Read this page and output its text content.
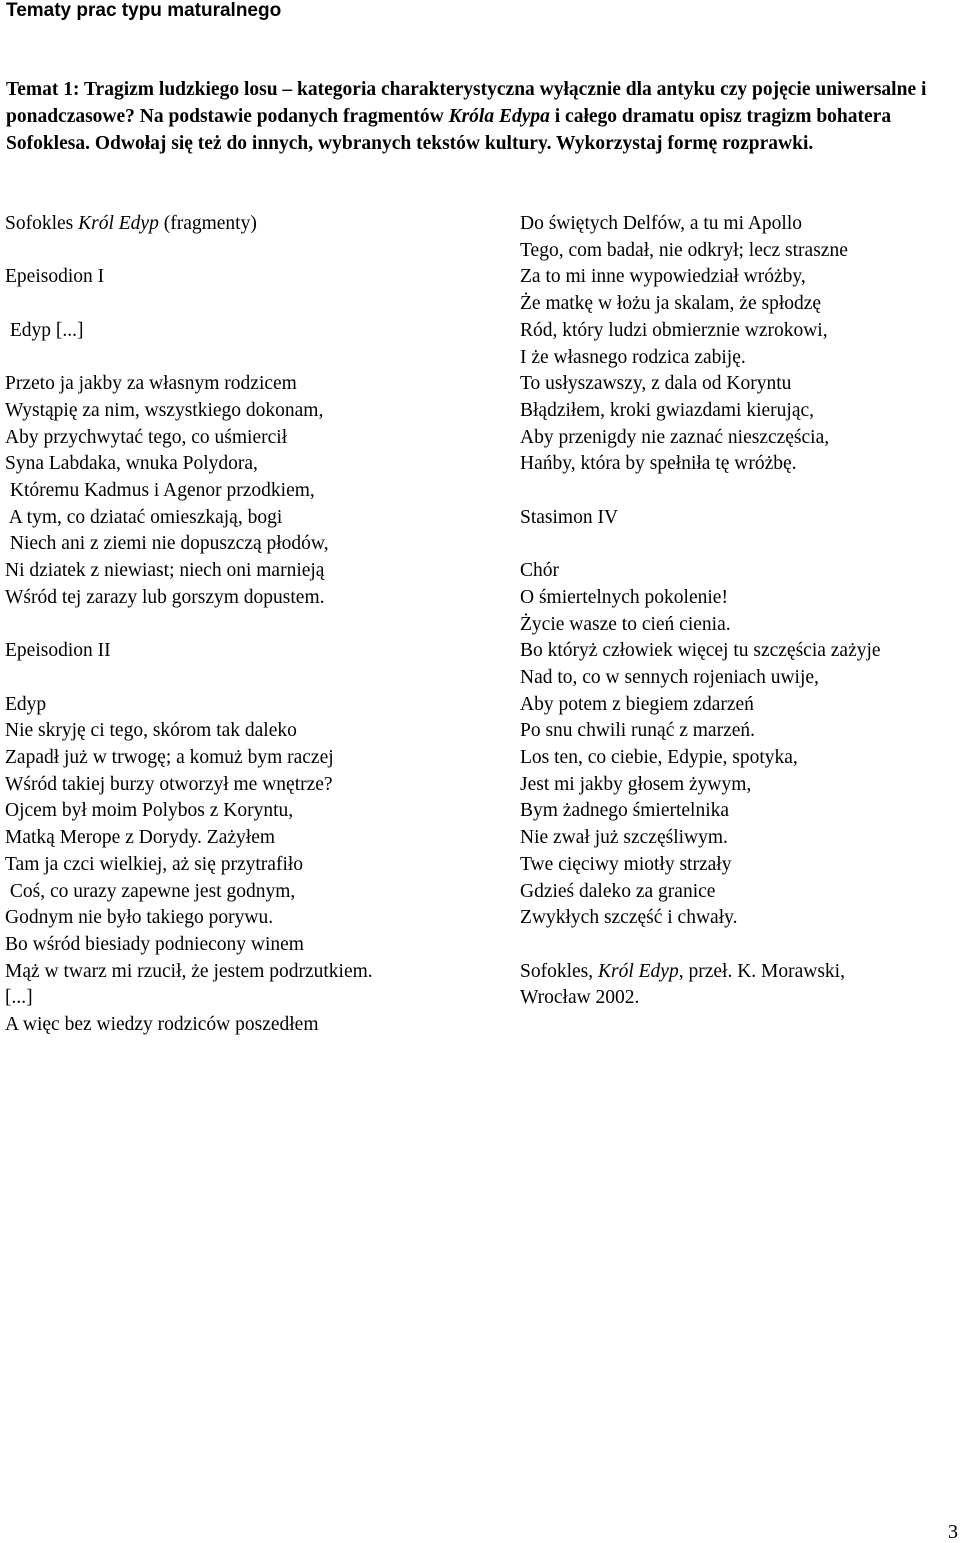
Tematy prac typu maturalnego

Temat 1: Tragizm ludzkiego losu – kategoria charakterystyczna wyłącznie dla antyku czy pojęcie uniwersalne i ponadczasowe? Na podstawie podanych fragmentów Króla Edypa i całego dramatu opisz tragizm bohatera Sofoklesa. Odwołaj się też do innych, wybranych tekstów kultury. Wykorzystaj formę rozprawki.

Sofokles Król Edyp (fragmenty)

Epeisodion I

Edyp [...]

Przeto ja jakby za własnym rodzicem

Wystąpię za nim, wszystkiego dokonam,

Aby przychwytać tego, co uśmiercił

Syna Labdaka, wnuka Polydora,

Któremu Kadmus i Agenor przodkiem,

A tym, co dziatać omieszkają, bogi

Niech ani z ziemi nie dopuszczą płodów,

Ni dziatek z niewiast; niech oni marnieją

Wśród tej zarazy lub gorszym dopustem.

Epeisodion II

Edyp

Nie skryję ci tego, skórom tak daleko

Zapadł już w trwogę; a komuż bym raczej

Wśród takiej burzy otworzył me wnętrze?

Ojcem był moim Polybos z Koryntu,

Matką Merope z Dorydy. Zażyłem

Tam ja czci wielkiej, aż się przytrafiło

Coś, co urazy zapewne jest godnym,

Godnym nie było takiego porywu.

Bo wśród biesiady podniecony winem

Mąż w twarz mi rzucił, że jestem podrzutkiem.

[...]

A więc bez wiedzy rodziców poszedłem

Do świętych Delfów, a tu mi Apollo

Tego, com badał, nie odkrył; lecz straszne

Za to mi inne wypowiedział wróżby,

Że matkę w łożu ja skalam, że spłodzę

Ród, który ludzi obmierznie wzrokowi,

I że własnego rodzica zabiję.

To usłyszawszy, z dala od Koryntu

Błądziłem, kroki gwiazdami kierując,

Aby przenigdy nie zaznać nieszczęścia,

Hańby, która by spełniła tę wróżbę.

Stasimon IV

Chór

O śmiertelnych pokolenie!

Życie wasze to cień cienia.

Bo któryż człowiek więcej tu szczęścia zażyje

Nad to, co w sennych rojeniach uwije,

Aby potem z biegiem zdarzeń

Po snu chwili runąć z marzeń.

Los ten, co ciebie, Edypie, spotyka,

Jest mi jakby głosem żywym,

Bym żadnego śmiertelnika

Nie zwał już szczęśliwym.

Twe cięciwy miotły strzały

Gdzieś daleko za granice

Zwykłych szczęść i chwały.

Sofokles, Król Edyp, przeł. K. Morawski,

Wrocław 2002.

3
